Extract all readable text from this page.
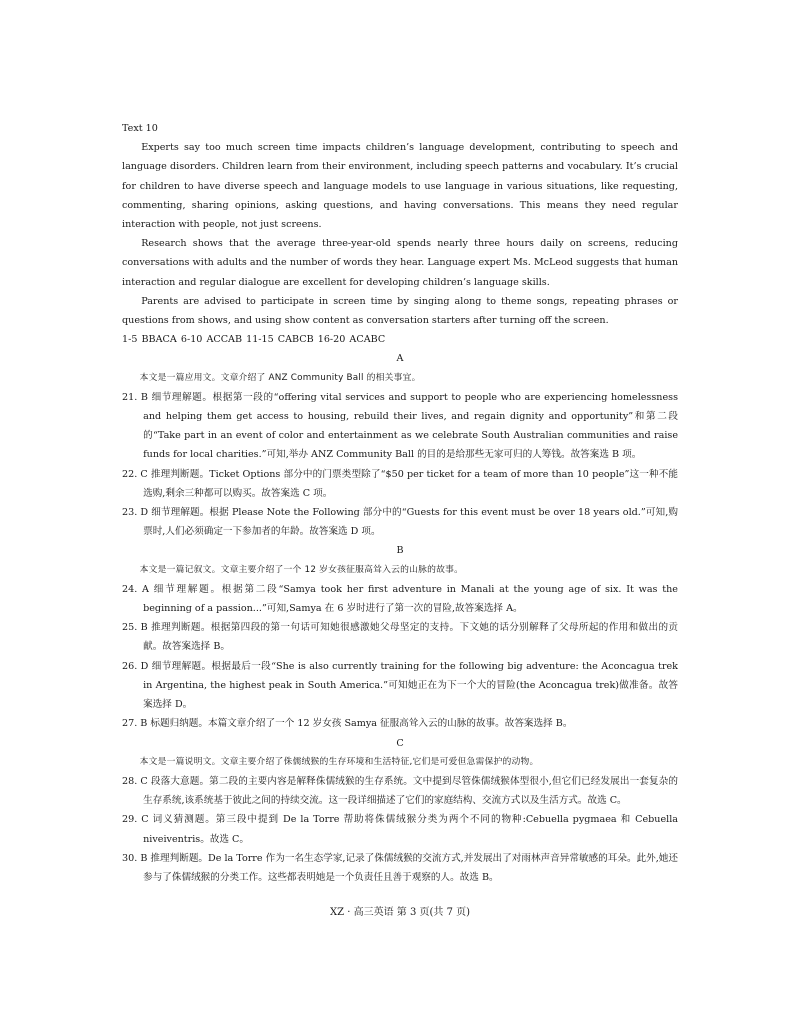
Text 10

Experts say too much screen time impacts children’s language development, contributing to speech and language disorders. Children learn from their environment, including speech patterns and vocabulary. It’s crucial for children to have diverse speech and language models to use language in various situations, like requesting, commenting, sharing opinions, asking questions, and having conversations. This means they need regular interaction with people, not just screens.

Research shows that the average three-year-old spends nearly three hours daily on screens, reducing conversations with adults and the number of words they hear. Language expert Ms. McLeod suggests that human interaction and regular dialogue are excellent for developing children’s language skills.

Parents are advised to participate in screen time by singing along to theme songs, repeating phrases or questions from shows, and using show content as conversation starters after turning off the screen.

1-5 BBACA 6-10 ACCAB 11-15 CABCB 16-20 ACABC

A

本文是一篇应用文。文章介绍了 ANZ Community Ball 的相关事宜。

21. B 细节理解题。根据第一段的“offering vital services and support to people who are experiencing homelessness and helping them get access to housing, rebuild their lives, and regain dignity and opportunity”和第二段的“Take part in an event of color and entertainment as we celebrate South Australian communities and raise funds for local charities.”可知,举办 ANZ Community Ball 的目的是给那些无家可归的人筹钱。故答案选 B 项。

22. C 推理判断题。Ticket Options 部分中的门票类型除了“$50 per ticket for a team of more than 10 people”这一种不能选购,剩余三种都可以购买。故答案选 C 项。

23. D 细节理解题。根据 Please Note the Following 部分中的“Guests for this event must be over 18 years old.”可知,购票时,人们必须确定一下参加者的年龄。故答案选 D 项。

B

本文是一篇记叙文。文章主要介绍了一个 12 岁女孩征服高耸入云的山脉的故事。

24. A 细节理解题。根据第二段“Samya took her first adventure in Manali at the young age of six. It was the beginning of a passion...”可知,Samya 在 6 岁时进行了第一次的冒险,故答案选择 A。

25. B 推理判断题。根据第四段的第一句话可知她很感激她父母坚定的支持。下文她的话分别解释了父母所起的作用和做出的贡献。故答案选择 B。

26. D 细节理解题。根据最后一段“She is also currently training for the following big adventure: the Aconcagua trek in Argentina, the highest peak in South America.”可知她正在为下一个大的冒险(the Aconcagua trek)做准备。故答案选择 D。

27. B 标题归纳题。本篇文章介绍了一个 12 岁女孩 Samya 征服高耸入云的山脉的故事。故答案选择 B。

C

本文是一篇说明文。文章主要介绍了侏儒绒猴的生存环境和生活特征,它们是可爱但急需保护的动物。

28. C 段落大意题。第二段的主要内容是解释侏儒绒猴的生存系统。文中提到尽管侏儒绒猴体型很小,但它们已经发展出一套复杂的生存系统,该系统基于彼此之间的持续交流。这一段详细描述了它们的家庭结构、交流方式以及生活方式。故选 C。

29. C 词义猜测题。第三段中提到 De la Torre 帮助将侏儒绒猴分类为两个不同的物种:Cebuella pygmaea 和 Cebuella niveiventris。故选 C。

30. B 推理判断题。De la Torre 作为一名生态学家,记录了侏儒绒猴的交流方式,并发展出了对雨林声音异常敏感的耳朵。此外,她还参与了侏儒绒猴的分类工作。这些都表明她是一个负责任且善于观察的人。故选 B。

XZ · 高三英语 第 3 页(共 7 页)
